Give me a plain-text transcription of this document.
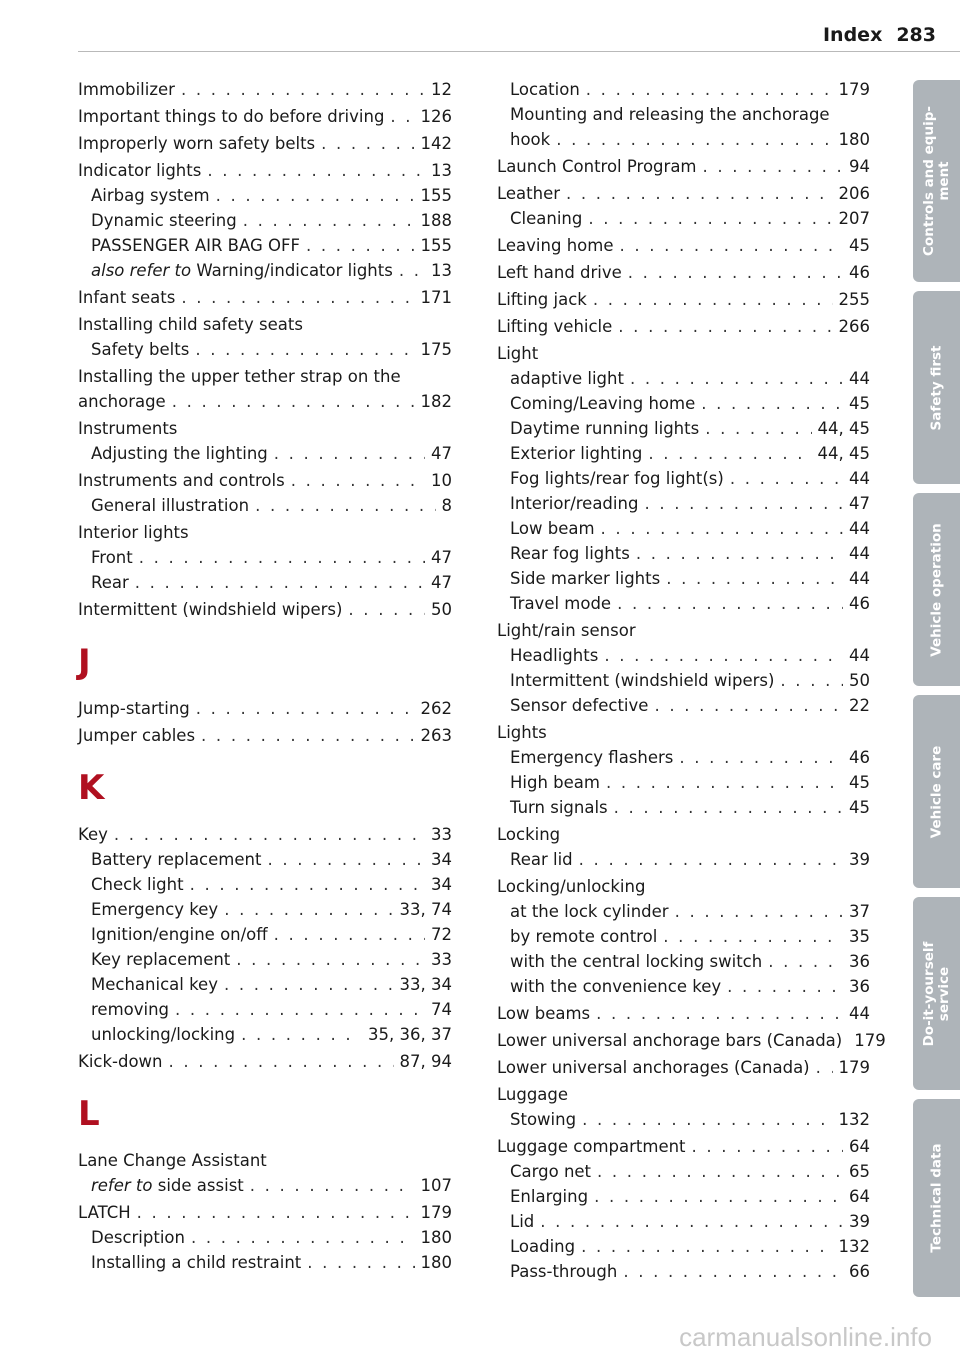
Index 283
Immobilizer . . .	12
Important things to do before driving . . . 126
Improperly worn safety belts . . .	142
Indicator lights . . .	13
Airbag system . . .	155
Dynamic steering . . .	188
PASSENGER AIR BAG OFF . . .	155
also refer to Warning/indicator lights . . . 13
Infant seats . . .	171
Installing child safety seats
Safety belts . . .	175
Installing the upper tether strap on the
anchorage . . .	182
Instruments
Adjusting the lighting . . .	47
Instruments and controls . . .	10
General illustration . . .	8
Interior lights
Front . . .	47
Rear . . .	47
Intermittent (windshield wipers) . . .	50
J
Jump-starting . . .	262
Jumper cables . . .	263
K
Key . . .	33
Battery replacement . . .	34
Check light . . .	34
Emergency key . . .	33, 74
Ignition/engine on/off . . .	72
Key replacement . . .	33
Mechanical key . . .	33, 34
removing . . .	74
unlocking/locking . . .	35, 36, 37
Kick-down . . .	87, 94
L
Lane Change Assistant
refer to side assist . . .	107
LATCH . . .	179
Description . . .	180
Installing a child restraint . . .	180
Location . . .	179
Mounting and releasing the anchorage
hook . . .	180
Launch Control Program . . .	94
Leather . . .	206
Cleaning . . .	207
Leaving home . . .	45
Left hand drive . . .	46
Lifting jack . . .	255
Lifting vehicle . . .	266
Light
adaptive light . . .	44
Coming/Leaving home . . .	45
Daytime running lights . . .	44, 45
Exterior lighting . . .	44, 45
Fog lights/rear fog light(s) . . .	44
Interior/reading . . .	47
Low beam . . .	44
Rear fog lights . . .	44
Side marker lights . . .	44
Travel mode . . .	46
Light/rain sensor
Headlights . . .	44
Intermittent (windshield wipers) . . .	50
Sensor defective . . .	22
Lights
Emergency flashers . . .	46
High beam . . .	45
Turn signals . . .	45
Locking
Rear lid . . .	39
Locking/unlocking
at the lock cylinder . . .	37
by remote control . . .	35
with the central locking switch . . .	36
with the convenience key . . .	36
Low beams . . .	44
Lower universal anchorage bars (Canada) 179
Lower universal anchorages (Canada) . . . 179
Luggage
Stowing . . .	132
Luggage compartment . . .	64
Cargo net . . .	65
Enlarging . . .	64
Lid . . .	39
Loading . . .	132
Pass-through . . .	66
Controls and equip-
ment
Safety first
Vehicle operation
Vehicle care
Do-it-yourself
service
Technical data
carmanualsonline.info
